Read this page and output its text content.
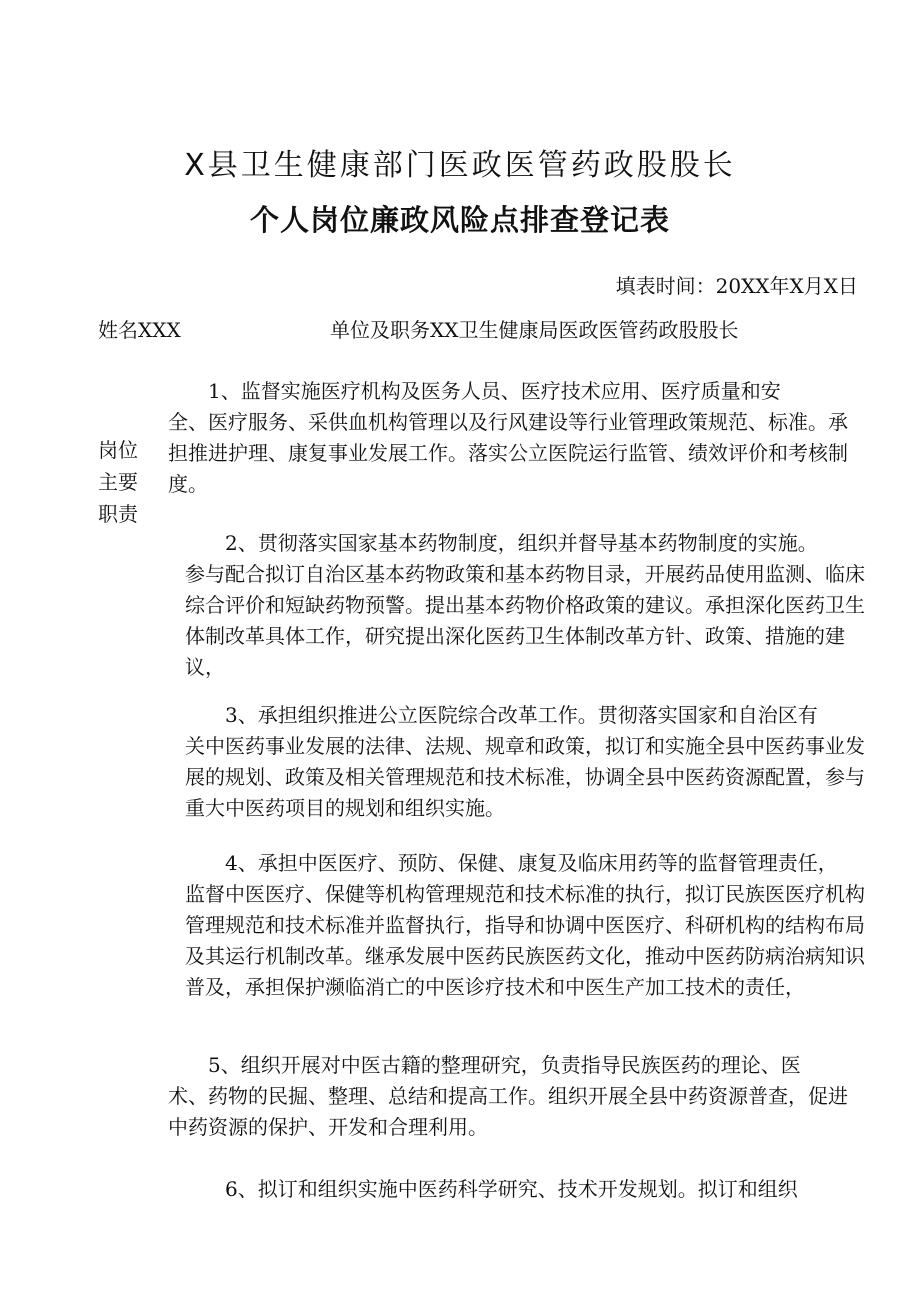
X县卫生健康部门医政医管药政股股长
个人岗位廉政风险点排查登记表
填表时间：20XX年X月X日
姓名XXX	单位及职务XX卫生健康局医政医管药政股股长
岗位
主要
职责

1、监督实施医疗机构及医务人员、医疗技术应用、医疗质量和安

全、医疗服务、采供血机构管理以及行风建设等行业管理政策规范、标准。承担推进护理、康复事业发展工作。落实公立医院运行监管、绩效评价和考核制度。

2、贯彻落实国家基本药物制度，组织并督导基本药物制度的实施。

参与配合拟订自治区基本药物政策和基本药物目录，开展药品使用监测、临床综合评价和短缺药物预警。提出基本药物价格政策的建议。承担深化医药卫生体制改革具体工作，研究提出深化医药卫生体制改革方针、政策、措施的建议，

3、承担组织推进公立医院综合改革工作。贯彻落实国家和自治区有

关中医药事业发展的法律、法规、规章和政策，拟订和实施全县中医药事业发展的规划、政策及相关管理规范和技术标准，协调全县中医药资源配置，参与重大中医药项目的规划和组织实施。

4、承担中医医疗、预防、保健、康复及临床用药等的监督管理责任，

监督中医医疗、保健等机构管理规范和技术标准的执行，拟订民族医医疗机构管理规范和技术标准并监督执行，指导和协调中医医疗、科研机构的结构布局及其运行机制改革。继承发展中医药民族医药文化，推动中医药防病治病知识普及，承担保护濒临消亡的中医诊疗技术和中医生产加工技术的责任，

5、组织开展对中医古籍的整理研究，负责指导民族医药的理论、医

术、药物的民掘、整理、总结和提高工作。组织开展全县中药资源普查，促进中药资源的保护、开发和合理利用。

6、拟订和组织实施中医药科学研究、技术开发规划。拟订和组织
